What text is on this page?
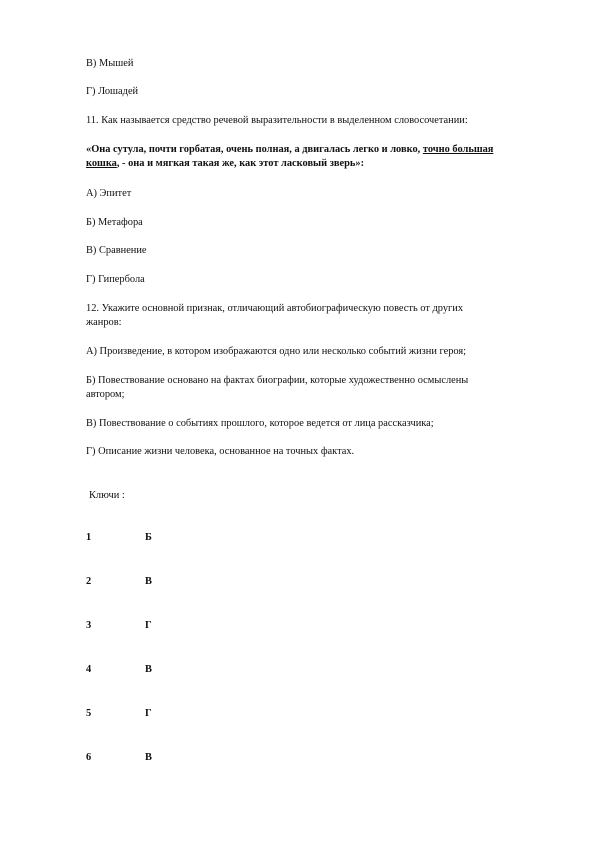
В) Мышей
Г) Лошадей
11. Как называется средство речевой выразительности в выделенном словосочетании:
«Она сутула, почти горбатая, очень полная, а двигалась легко и ловко, точно большая
кошка, - она и мягкая такая же, как этот ласковый зверь»:
А) Эпитет
Б) Метафора
В) Сравнение
Г) Гипербола
12. Укажите основной признак, отличающий автобиографическую повесть от других
жанров:
А) Произведение, в котором изображаются одно или несколько событий жизни героя;
Б) Повествование основано на фактах биографии, которые художественно осмыслены
автором;
В) Повествование о событиях прошлого, которое ведется от лица рассказчика;
Г) Описание жизни человека, основанное на точных фактах.
Ключи :
1	Б
2	В
3	Г
4	В
5	Г
6	В
